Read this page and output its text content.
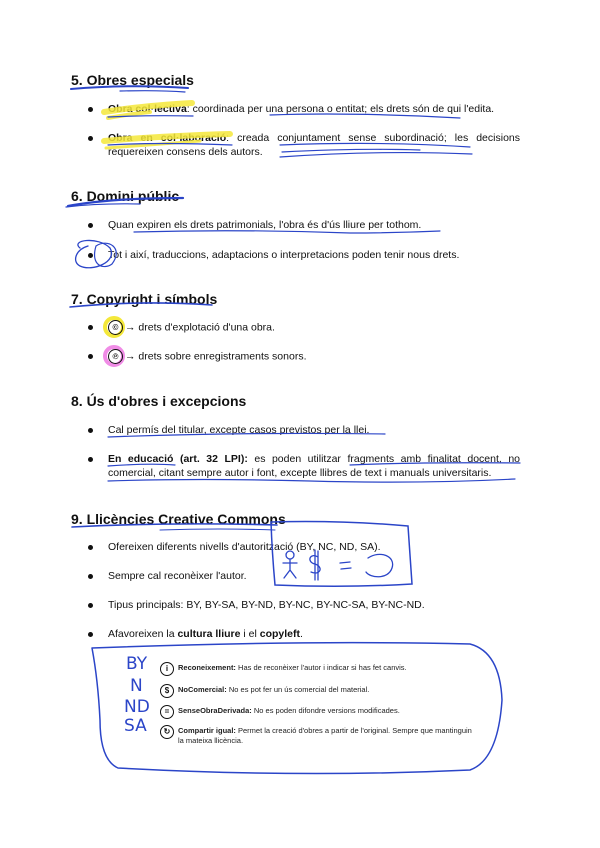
5. Obres especials
Obra col·lectiva: coordinada per una persona o entitat; els drets són de qui l'edita.
Obra en col·laboració: creada conjuntament sense subordinació; les decisions requereixen consens dels autors.
6. Domini públic
Quan expiren els drets patrimonials, l'obra és d'ús lliure per tothom.
Tot i així, traduccions, adaptacions o interpretacions poden tenir nous drets.
7. Copyright i símbols
© → drets d'explotació d'una obra.
℗ → drets sobre enregistraments sonors.
8. Ús d'obres i excepcions
Cal permís del titular, excepte casos previstos per la llei.
En educació (art. 32 LPI): es poden utilitzar fragments amb finalitat docent, no comercial, citant sempre autor i font, excepte llibres de text i manuals universitaris.
9. Llicències Creative Commons
Ofereixen diferents nivells d'autorització (BY, NC, ND, SA).
Sempre cal reconèixer l'autor.
Tipus principals: BY, BY-SA, BY-ND, BY-NC, BY-NC-SA, BY-NC-ND.
Afavoreixen la cultura lliure i el copyleft.
i	Reconeixement: Has de reconèixer l'autor i indicar si has fet canvis.
$	NoComercial: No es pot fer un ús comercial del material.
=	SenseObraDerivada: No es poden difondre versions modificades.
↻	Compartir igual: Permet la creació d'obres a partir de l'original. Sempre que mantinguin la mateixa llicència.
BY
N
ND
SA
